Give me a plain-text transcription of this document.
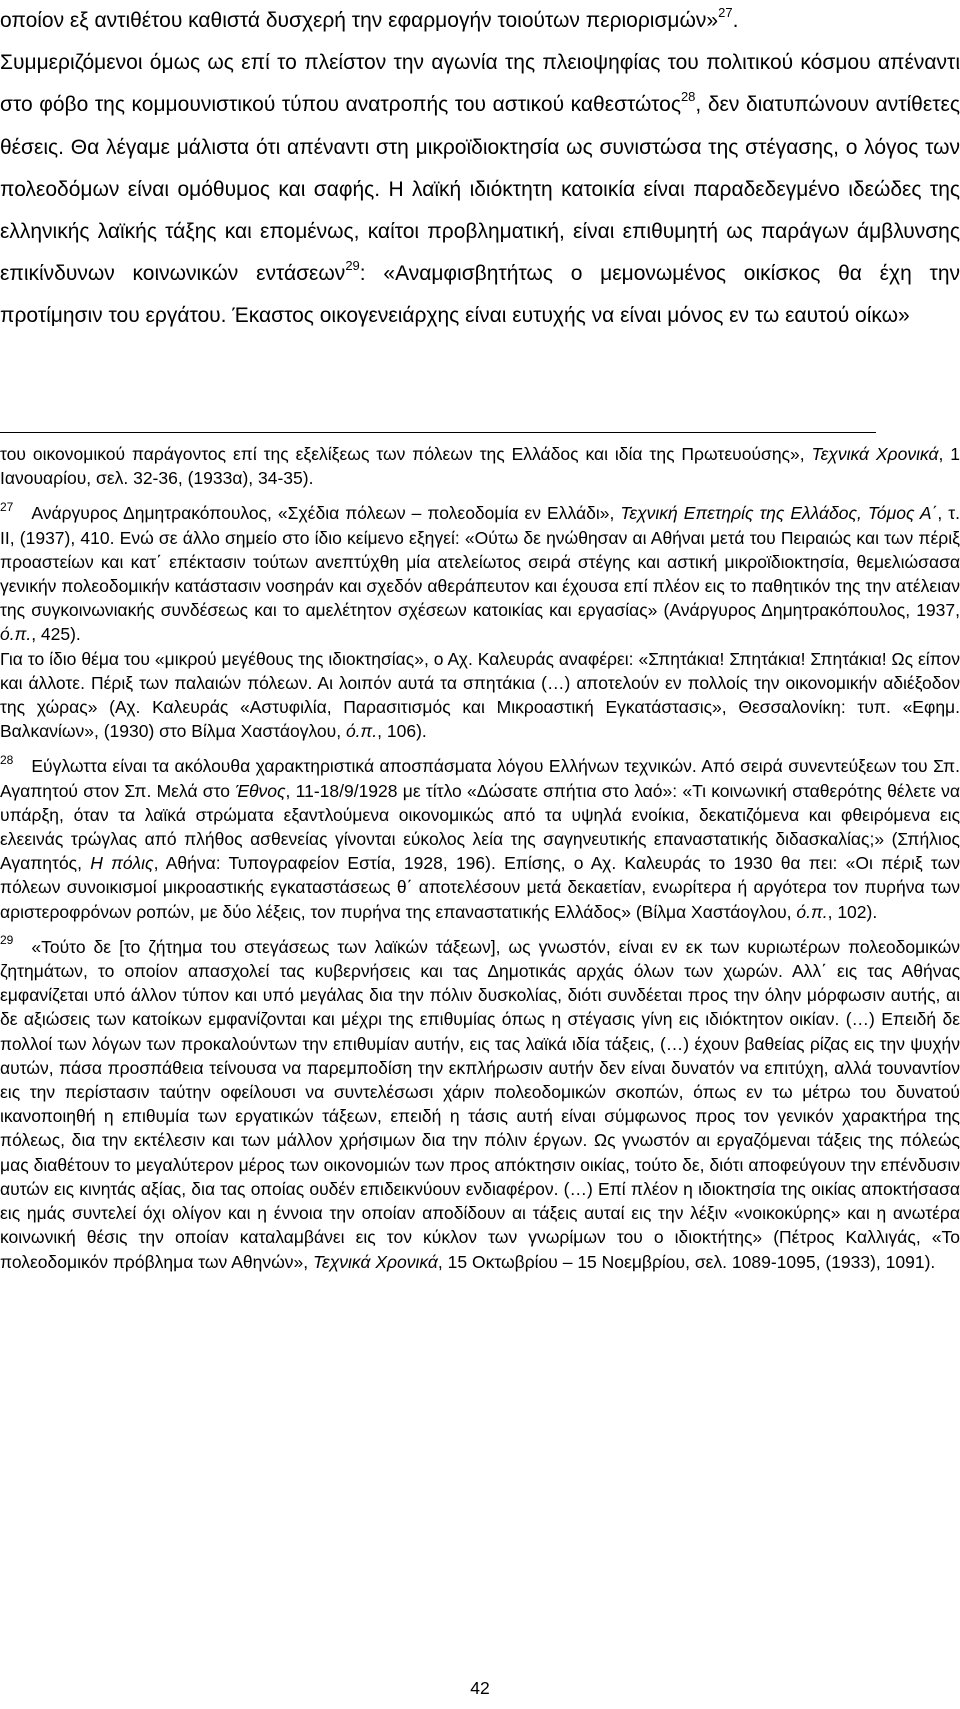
οποίον εξ αντιθέτου καθιστά δυσχερή την εφαρμογήν τοιούτων περιορισμών»$^{27}$.

Συμμεριζόμενοι όμως ως επί το πλείστον την αγωνία της πλειοψηφίας του πολιτικού κόσμου απέναντι στο φόβο της κομμουνιστικού τύπου ανατροπής του αστικού καθεστώτος$^{28}$, δεν διατυπώνουν αντίθετες θέσεις. Θα λέγαμε μάλιστα ότι απέναντι στη μικροϊδιοκτησία ως συνιστώσα της στέγασης, ο λόγος των πολεοδόμων είναι ομόθυμος και σαφής. Η λαϊκή ιδιόκτητη κατοικία είναι παραδεδεγμένο ιδεώδες της ελληνικής λαϊκής τάξης και επομένως, καίτοι προβληματική, είναι επιθυμητή ως παράγων άμβλυνσης επικίνδυνων κοινωνικών εντάσεων$^{29}$: «Αναμφισβητήτως ο μεμονωμένος οικίσκος θα έχη την προτίμησιν του εργάτου. Έκαστος οικογενειάρχης είναι ευτυχής να είναι μόνος εν τω εαυτού οίκω»

του οικονομικού παράγοντος επί της εξελίξεως των πόλεων της Ελλάδος και ιδία της Πρωτευούσης», Τεχνικά Χρονικά, 1 Ιανουαρίου, σελ. 32-36, (1933α), 34-35).

$^{27}$ Ανάργυρος Δημητρακόπουλος, «Σχέδια πόλεων – πολεοδομία εν Ελλάδι», Τεχνική Επετηρίς της Ελλάδος, Τόμος Α΄, τ. ΙΙ, (1937), 410. Ενώ σε άλλο σημείο στο ίδιο κείμενο εξηγεί: «Ούτω δε ηνώθησαν αι Αθήναι μετά του Πειραιώς και των πέριξ προαστείων και κατ΄ επέκτασιν τούτων ανεπτύχθη μία ατελείωτος σειρά στέγης και αστική μικροϊδιοκτησία, θεμελιώσασα γενικήν πολεοδομικήν κατάστασιν νοσηράν και σχεδόν αθεράπευτον και έχουσα επί πλέον εις το παθητικόν της την ατέλειαν της συγκοινωνιακής συνδέσεως και το αμελέτητον σχέσεων κατοικίας και εργασίας» (Ανάργυρος Δημητρακόπουλος, 1937, ό.π., 425).

Για το ίδιο θέμα του «μικρού μεγέθους της ιδιοκτησίας», ο Αχ. Καλευράς αναφέρει: «Σπητάκια! Σπητάκια! Σπητάκια! Ως είπον και άλλοτε. Πέριξ των παλαιών πόλεων. Αι λοιπόν αυτά τα σπητάκια (…) αποτελούν εν πολλοίς την οικονομικήν αδιέξοδον της χώρας» (Αχ. Καλευράς «Αστυφιλία, Παρασιτισμός και Μικροαστική Εγκατάστασις», Θεσσαλονίκη: τυπ. «Εφημ. Βαλκανίων», (1930) στο Βίλμα Χαστάογλου, ό.π., 106).

$^{28}$ Εύγλωττα είναι τα ακόλουθα χαρακτηριστικά αποσπάσματα λόγου Ελλήνων τεχνικών. Από σειρά συνεντεύξεων του Σπ. Αγαπητού στον Σπ. Μελά στο Έθνος, 11-18/9/1928 με τίτλο «Δώσατε σπήτια στο λαό»: «Τι κοινωνική σταθερότης θέλετε να υπάρξη, όταν τα λαϊκά στρώματα εξαντλούμενα οικονομικώς από τα υψηλά ενοίκια, δεκατιζόμενα και φθειρόμενα εις ελεεινάς τρώγλας από πλήθος ασθενείας γίνονται εύκολος λεία της σαγηνευτικής επαναστατικής διδασκαλίας;» (Σπήλιος Αγαπητός, Η πόλις, Αθήνα: Τυπογραφείον Εστία, 1928, 196). Επίσης, ο Αχ. Καλευράς το 1930 θα πει: «Οι πέριξ των πόλεων συνοικισμοί μικροαστικής εγκαταστάσεως θ΄ αποτελέσουν μετά δεκαετίαν, ενωρίτερα ή αργότερα τον πυρήνα των αριστεροφρόνων ροπών, με δύο λέξεις, τον πυρήνα της επαναστατικής Ελλάδος» (Βίλμα Χαστάογλου, ό.π., 102).

$^{29}$ «Τούτο δε [το ζήτημα του στεγάσεως των λαϊκών τάξεων], ως γνωστόν, είναι εν εκ των κυριωτέρων πολεοδομικών ζητημάτων, το οποίον απασχολεί τας κυβερνήσεις και τας Δημοτικάς αρχάς όλων των χωρών. Αλλ΄ εις τας Αθήνας εμφανίζεται υπό άλλον τύπον και υπό μεγάλας δια την πόλιν δυσκολίας, διότι συνδέεται προς την όλην μόρφωσιν αυτής, αι δε αξιώσεις των κατοίκων εμφανίζονται και μέχρι της επιθυμίας όπως η στέγασις γίνη εις ιδιόκτητον οικίαν. (…) Επειδή δε πολλοί των λόγων των προκαλούντων την επιθυμίαν αυτήν, εις τας λαϊκά ιδία τάξεις, (…) έχουν βαθείας ρίζας εις την ψυχήν αυτών, πάσα προσπάθεια τείνουσα να παρεμποδίση την εκπλήρωσιν αυτήν δεν είναι δυνατόν να επιτύχη, αλλά τουναντίον εις την περίστασιν ταύτην οφείλουσι να συντελέσωσι χάριν πολεοδομικών σκοπών, όπως εν τω μέτρω του δυνατού ικανοποιηθή η επιθυμία των εργατικών τάξεων, επειδή η τάσις αυτή είναι σύμφωνος προς τον γενικόν χαρακτήρα της πόλεως, δια την εκτέλεσιν και των μάλλον χρήσιμων δια την πόλιν έργων. Ως γνωστόν αι εργαζόμεναι τάξεις της πόλεώς μας διαθέτουν το μεγαλύτερον μέρος των οικονομιών των προς απόκτησιν οικίας, τούτο δε, διότι αποφεύγουν την επένδυσιν αυτών εις κινητάς αξίας, δια τας οποίας ουδέν επιδεικνύουν ενδιαφέρον. (…) Επί πλέον η ιδιοκτησία της οικίας αποκτήσασα εις ημάς συντελεί όχι ολίγον και η έννοια την οποίαν αποδίδουν αι τάξεις αυταί εις την λέξιν «νοικοκύρης» και η ανωτέρα κοινωνική θέσις την οποίαν καταλαμβάνει εις τον κύκλον των γνωρίμων του ο ιδιοκτήτης» (Πέτρος Καλλιγάς, «Το πολεοδομικόν πρόβλημα των Αθηνών», Τεχνικά Χρονικά, 15 Οκτωβρίου – 15 Νοεμβρίου, σελ. 1089-1095, (1933), 1091).

42
